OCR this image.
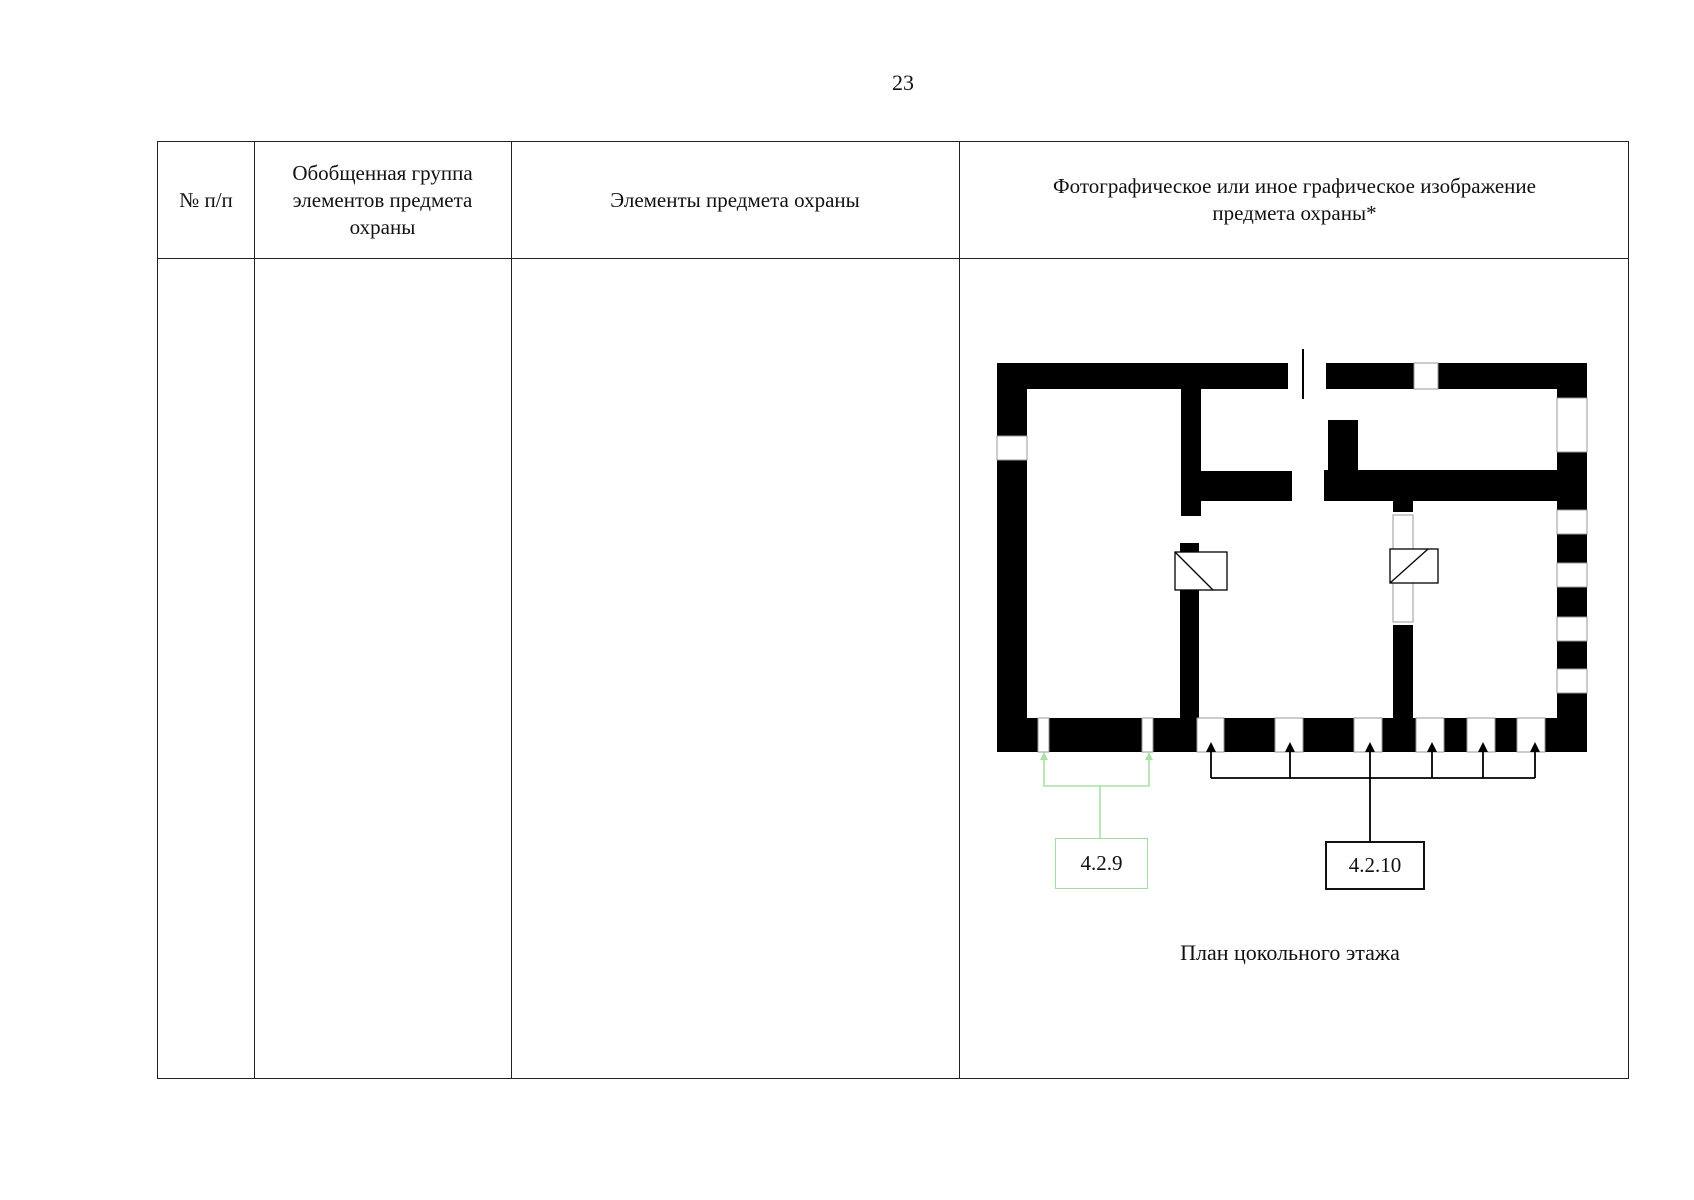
23
№ п/п
Обобщенная группа
элементов предмета
охраны
Элементы предмета охраны
Фотографическое или иное графическое изображение
предмета охраны*
4.2.9	4.2.10
План цокольного этажа
